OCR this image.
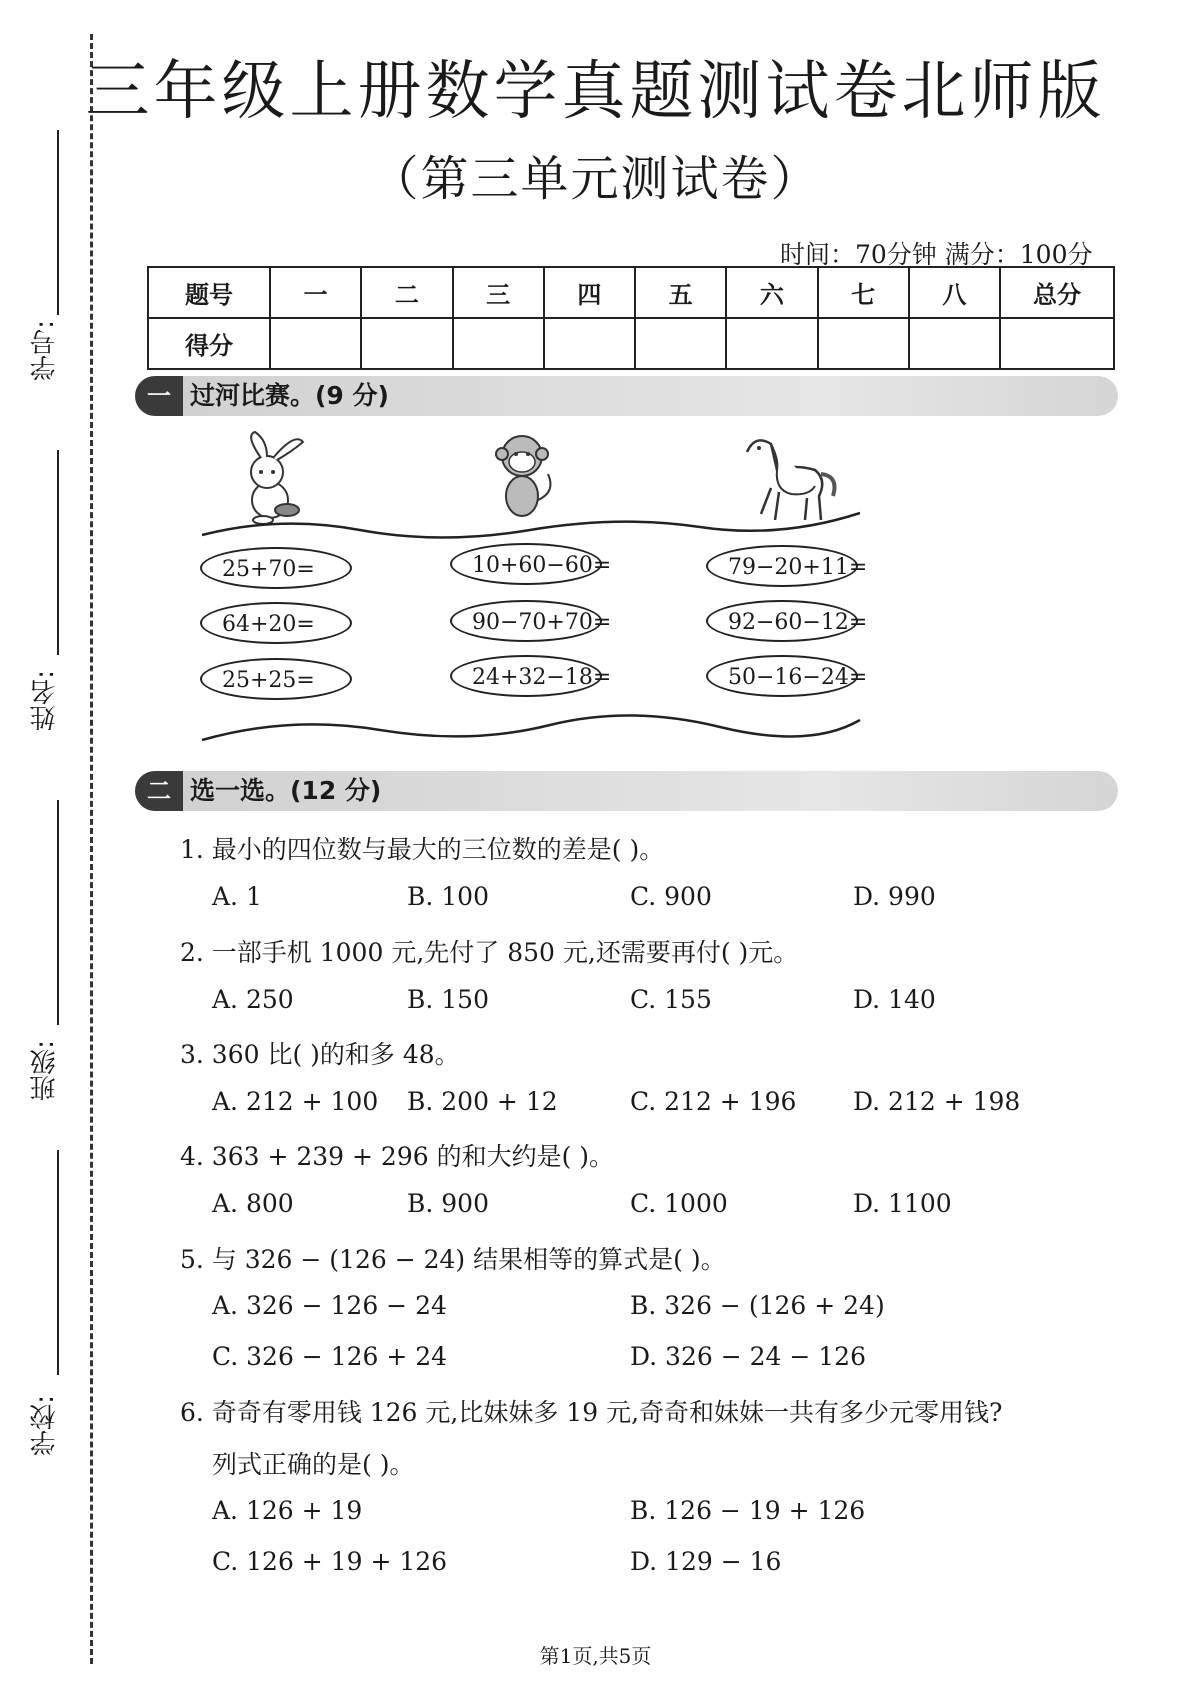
学号:
姓名:
班级:
学校:
三年级上册数学真题测试卷北师版
（第三单元测试卷）
时间：70分钟 满分：100分
题号	一	二	三	四	五	六	七	八	总分
得分									
一 过河比赛。(9 分)
25+70=	10+60−60=	79−20+11=
64+20=	90−70+70=	92−60−12=
25+25=	24+32−18=	50−16−24=
二 选一选。(12 分)
1. 最小的四位数与最大的三位数的差是( )。
A. 1	B. 100	C. 900	D. 990
2. 一部手机 1000 元,先付了 850 元,还需要再付( )元。
A. 250	B. 150	C. 155	D. 140
3. 360 比( )的和多 48。
A. 212 + 100 B. 200 + 12	C. 212 + 196 D. 212 + 198
4. 363 + 239 + 296 的和大约是( )。
A. 800	B. 900	C. 1000	D. 1100
5. 与 326 − (126 − 24) 结果相等的算式是( )。
A. 326 − 126 − 24	B. 326 − (126 + 24)
C. 326 − 126 + 24	D. 326 − 24 − 126
6. 奇奇有零用钱 126 元,比妹妹多 19 元,奇奇和妹妹一共有多少元零用钱?
列式正确的是( )。
A. 126 + 19	B. 126 − 19 + 126
C. 126 + 19 + 126	D. 129 − 16
第1页,共5页
